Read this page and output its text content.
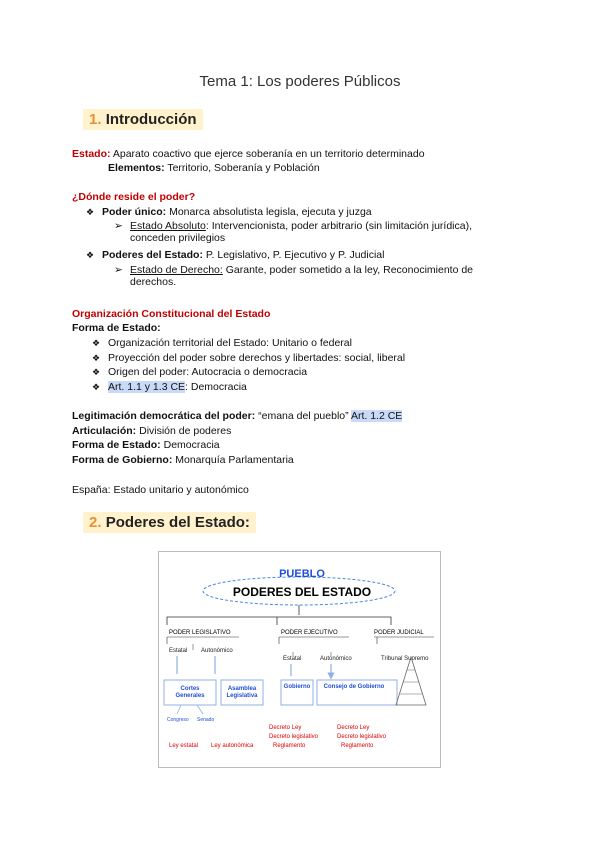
Tema 1: Los poderes Públicos
1. Introducción
Estado: Aparato coactivo que ejerce soberanía en un territorio determinado
Elementos: Territorio, Soberanía y Población
¿Dónde reside el poder?
❖ Poder único: Monarca absolutista legisla, ejecuta y juzga
➢ Estado Absoluto: Intervencionista, poder arbitrario (sin limitación jurídica),
conceden privilegios
❖ Poderes del Estado: P. Legislativo, P. Ejecutivo y P. Judicial
➢ Estado de Derecho: Garante, poder sometido a la ley, Reconocimiento de
derechos.
Organización Constitucional del Estado
Forma de Estado:
❖ Organización territorial del Estado: Unitario o federal
❖ Proyección del poder sobre derechos y libertades: social, liberal
❖ Origen del poder: Autocracia o democracia
❖ Art. 1.1 y 1.3 CE: Democracia
Legitimación democrática del poder: “emana del pueblo” Art. 1.2 CE
Articulación: División de poderes
Forma de Estado: Democracia
Forma de Gobierno: Monarquía Parlamentaria
España: Estado unitario y autonómico
2. Poderes del Estado:
PUEBLO
PODERES DEL ESTADO
PODER LEGISLATIVO	PODER EJECUTIVO	PODER JUDICIAL
Estatal Autonómico
Estatal	Autonómico	Tribunal Supremo
Cortes
Generales
Asamblea
Legislativa
Gobierno Consejo de Gobierno
Congreso Senado
Ley estatal Ley autonómica
Decreto Ley
Decreto legislativo
Reglamento
Decreto Ley
Decreto legislativo
Reglamento
